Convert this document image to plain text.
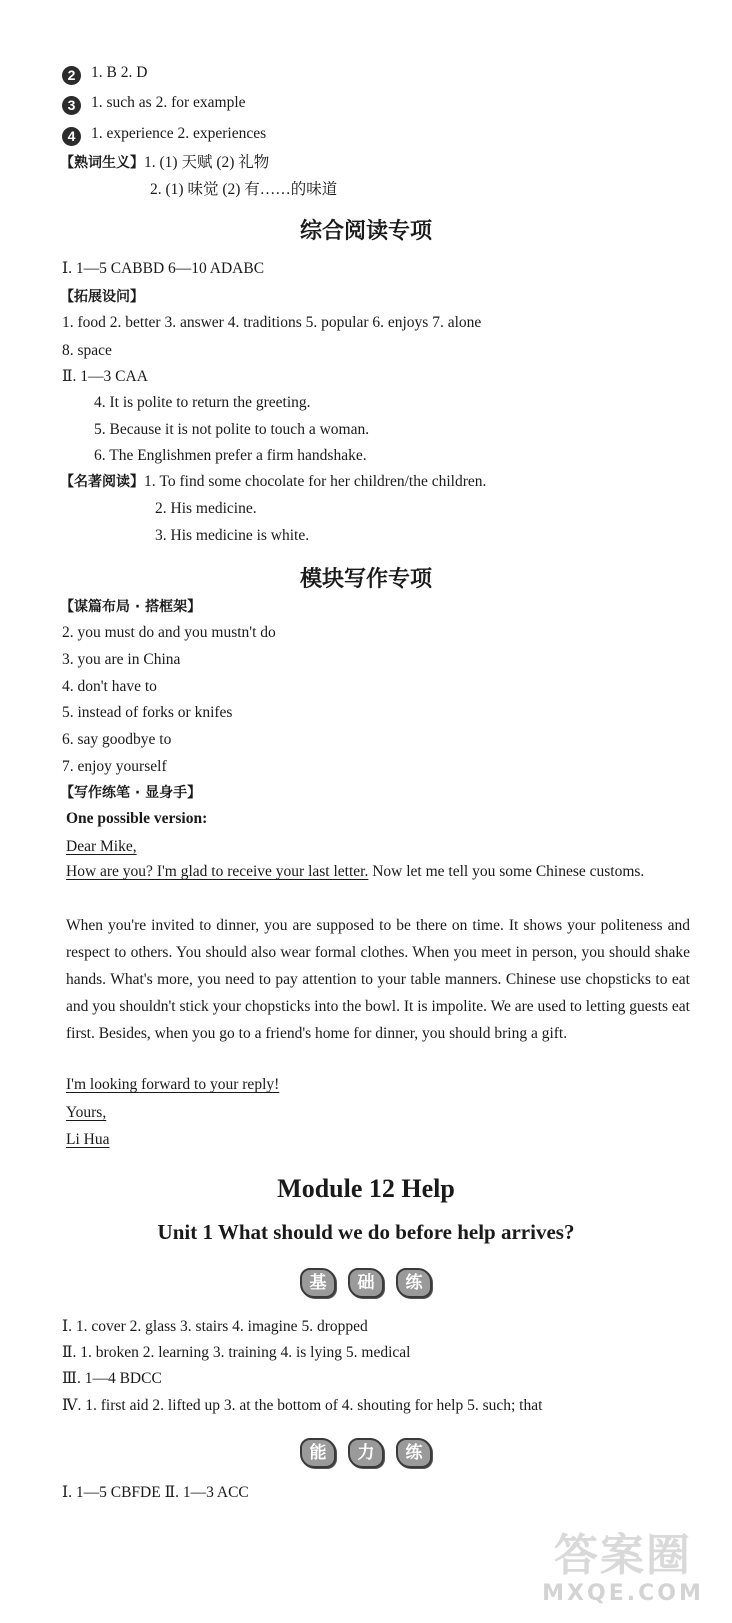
2 1. B 2. D
3 1. such as 2. for example
4 1. experience 2. experiences
【熟词生义】1. (1) 天赋 (2) 礼物
2. (1) 味觉 (2) 有……的味道
综合阅读专项
Ⅰ. 1—5 CABBD 6—10 ADABC
【拓展设问】
1. food 2. better 3. answer 4. traditions 5. popular 6. enjoys 7. alone
8. space
Ⅱ. 1—3 CAA
4. It is polite to return the greeting.
5. Because it is not polite to touch a woman.
6. The Englishmen prefer a firm handshake.
【名著阅读】1. To find some chocolate for her children/the children.
2. His medicine.
3. His medicine is white.
模块写作专项
【谋篇布局 · 搭框架】
2. you must do and you mustn't do
3. you are in China
4. don't have to
5. instead of forks or knifes
6. say goodbye to
7. enjoy yourself
【写作练笔 · 显身手】
One possible version:
Dear Mike,
How are you? I'm glad to receive your last letter. Now let me tell you some Chinese customs.
When you're invited to dinner, you are supposed to be there on time. It shows your politeness and respect to others. You should also wear formal clothes. When you meet in person, you should shake hands. What's more, you need to pay attention to your table manners. Chinese use chopsticks to eat and you shouldn't stick your chopsticks into the bowl. It is impolite. We are used to letting guests eat first. Besides, when you go to a friend's home for dinner, you should bring a gift.
I'm looking forward to your reply!
Yours,
Li Hua
Module 12 Help
Unit 1 What should we do before help arrives?
基 础 练
Ⅰ. 1. cover 2. glass 3. stairs 4. imagine 5. dropped
Ⅱ. 1. broken 2. learning 3. training 4. is lying 5. medical
Ⅲ. 1—4 BDCC
Ⅳ. 1. first aid 2. lifted up 3. at the bottom of 4. shouting for help 5. such; that
能 力 练
Ⅰ. 1—5 CBFDE Ⅱ. 1—3 ACC
答案圈
MXQE.COM
